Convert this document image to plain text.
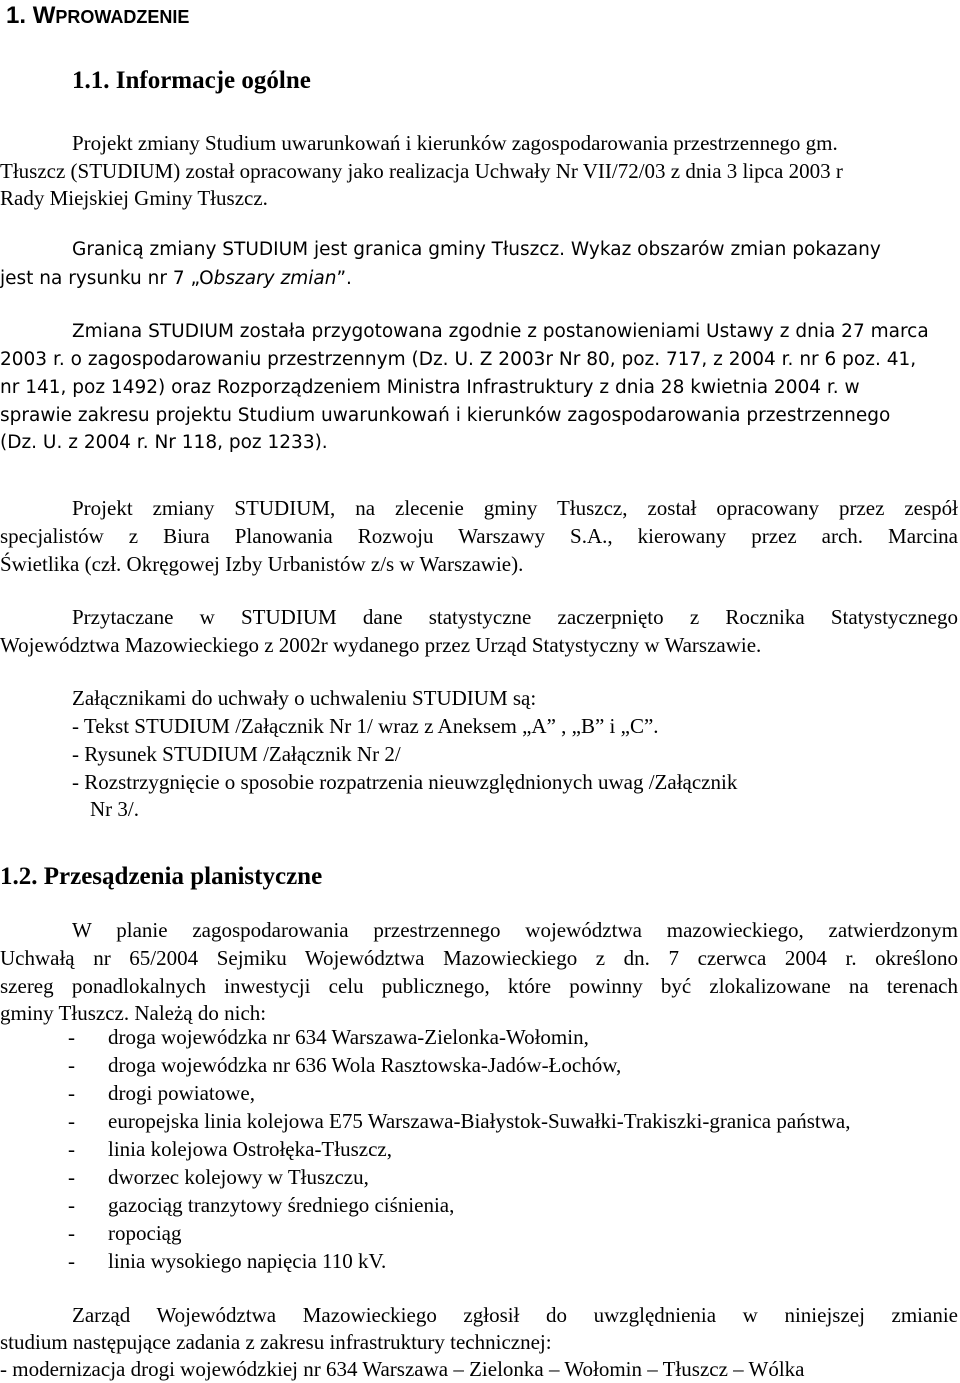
1. WPROWADZENIE
1.1. Informacje ogólne
Projekt zmiany Studium uwarunkowań i kierunków zagospodarowania przestrzennego gm.
Tłuszcz (STUDIUM) został opracowany jako realizacja Uchwały Nr VII/72/03 z dnia 3 lipca 2003 r
Rady Miejskiej Gminy Tłuszcz.
Granicą zmiany STUDIUM jest granica gminy Tłuszcz. Wykaz obszarów zmian pokazany
jest na rysunku nr 7 „Obszary zmian”.
Zmiana STUDIUM została przygotowana zgodnie z postanowieniami Ustawy z dnia 27 marca
2003 r. o zagospodarowaniu przestrzennym (Dz. U. Z 2003r Nr 80, poz. 717, z 2004 r. nr 6 poz. 41,
nr 141, poz 1492) oraz Rozporządzeniem Ministra Infrastruktury z dnia 28 kwietnia 2004 r. w
sprawie zakresu projektu Studium uwarunkowań i kierunków zagospodarowania przestrzennego
(Dz. U. z 2004 r. Nr 118, poz 1233).
Projekt zmiany STUDIUM, na zlecenie gminy Tłuszcz, został opracowany przez zespół
specjalistów z Biura Planowania Rozwoju Warszawy S.A., kierowany przez arch. Marcina
Świetlika (czł. Okręgowej Izby Urbanistów z/s w Warszawie).
Przytaczane w STUDIUM dane statystyczne zaczerpnięto z Rocznika Statystycznego
Województwa Mazowieckiego z 2002r wydanego przez Urząd Statystyczny w Warszawie.
Załącznikami do uchwały o uchwaleniu STUDIUM są:
- Tekst STUDIUM /Załącznik Nr 1/ wraz z Aneksem „A” , „B” i „C”.
- Rysunek STUDIUM /Załącznik Nr 2/
- Rozstrzygnięcie o sposobie rozpatrzenia nieuwzględnionych uwag /Załącznik
Nr 3/.
1.2. Przesądzenia planistyczne
W planie zagospodarowania przestrzennego województwa mazowieckiego, zatwierdzonym
Uchwałą nr 65/2004 Sejmiku Województwa Mazowieckiego z dn. 7 czerwca 2004 r. określono
szereg ponadlokalnych inwestycji celu publicznego, które powinny być zlokalizowane na terenach
gminy Tłuszcz. Należą do nich:
- droga wojewódzka nr 634 Warszawa-Zielonka-Wołomin,
- droga wojewódzka nr 636 Wola Rasztowska-Jadów-Łochów,
- drogi powiatowe,
- europejska linia kolejowa E75 Warszawa-Białystok-Suwałki-Trakiszki-granica państwa,
- linia kolejowa Ostrołęka-Tłuszcz,
- dworzec kolejowy w Tłuszczu,
- gazociąg tranzytowy średniego ciśnienia,
- ropociąg
- linia wysokiego napięcia 110 kV.
Zarząd Województwa Mazowieckiego zgłosił do uwzględnienia w niniejszej zmianie
studium następujące zadania z zakresu infrastruktury technicznej:
- modernizacja drogi wojewódzkiej nr 634 Warszawa – Zielonka – Wołomin – Tłuszcz – Wólka
